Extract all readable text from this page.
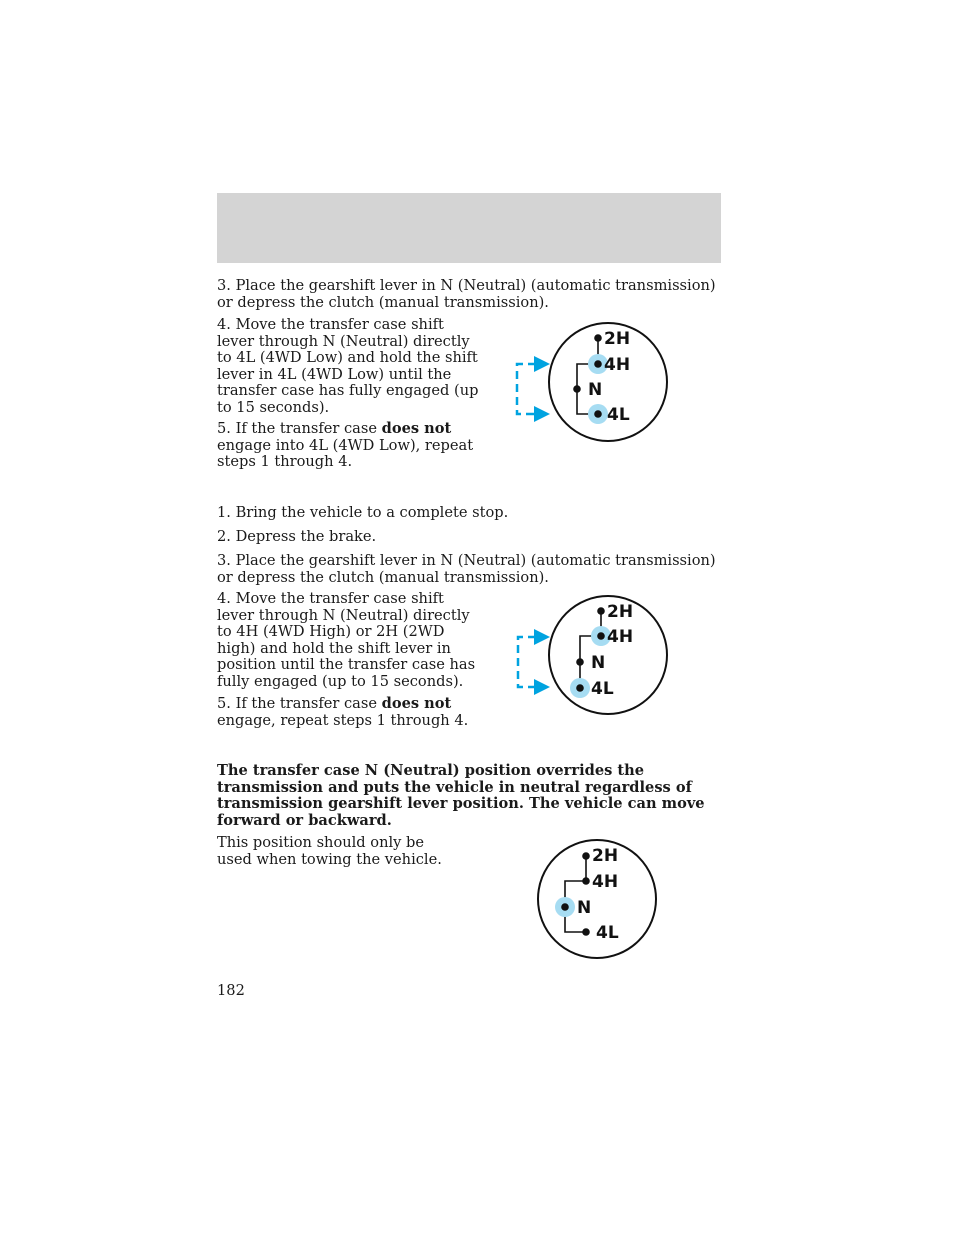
3. Place the gearshift lever in N (Neutral) (automatic transmission) or depress the clutch (manual transmission).

4. Move the transfer case shift lever through N (Neutral) directly to 4L (4WD Low) and hold the shift lever in 4L (4WD Low) until the transfer case has fully engaged (up to 15 seconds).

5. If the transfer case does not engage into 4L (4WD Low), repeat steps 1 through 4.

2H
4H
N
4L

1. Bring the vehicle to a complete stop.

2. Depress the brake.

3. Place the gearshift lever in N (Neutral) (automatic transmission) or depress the clutch (manual transmission).

4. Move the transfer case shift lever through N (Neutral) directly to 4H (4WD High) or 2H (2WD high) and hold the shift lever in position until the transfer case has fully engaged (up to 15 seconds).

5. If the transfer case does not engage, repeat steps 1 through 4.

2H
4H
N
4L

The transfer case N (Neutral) position overrides the transmission and puts the vehicle in neutral regardless of transmission gearshift lever position. The vehicle can move forward or backward.

This position should only be used when towing the vehicle.	2H
4H
N
4L

182
